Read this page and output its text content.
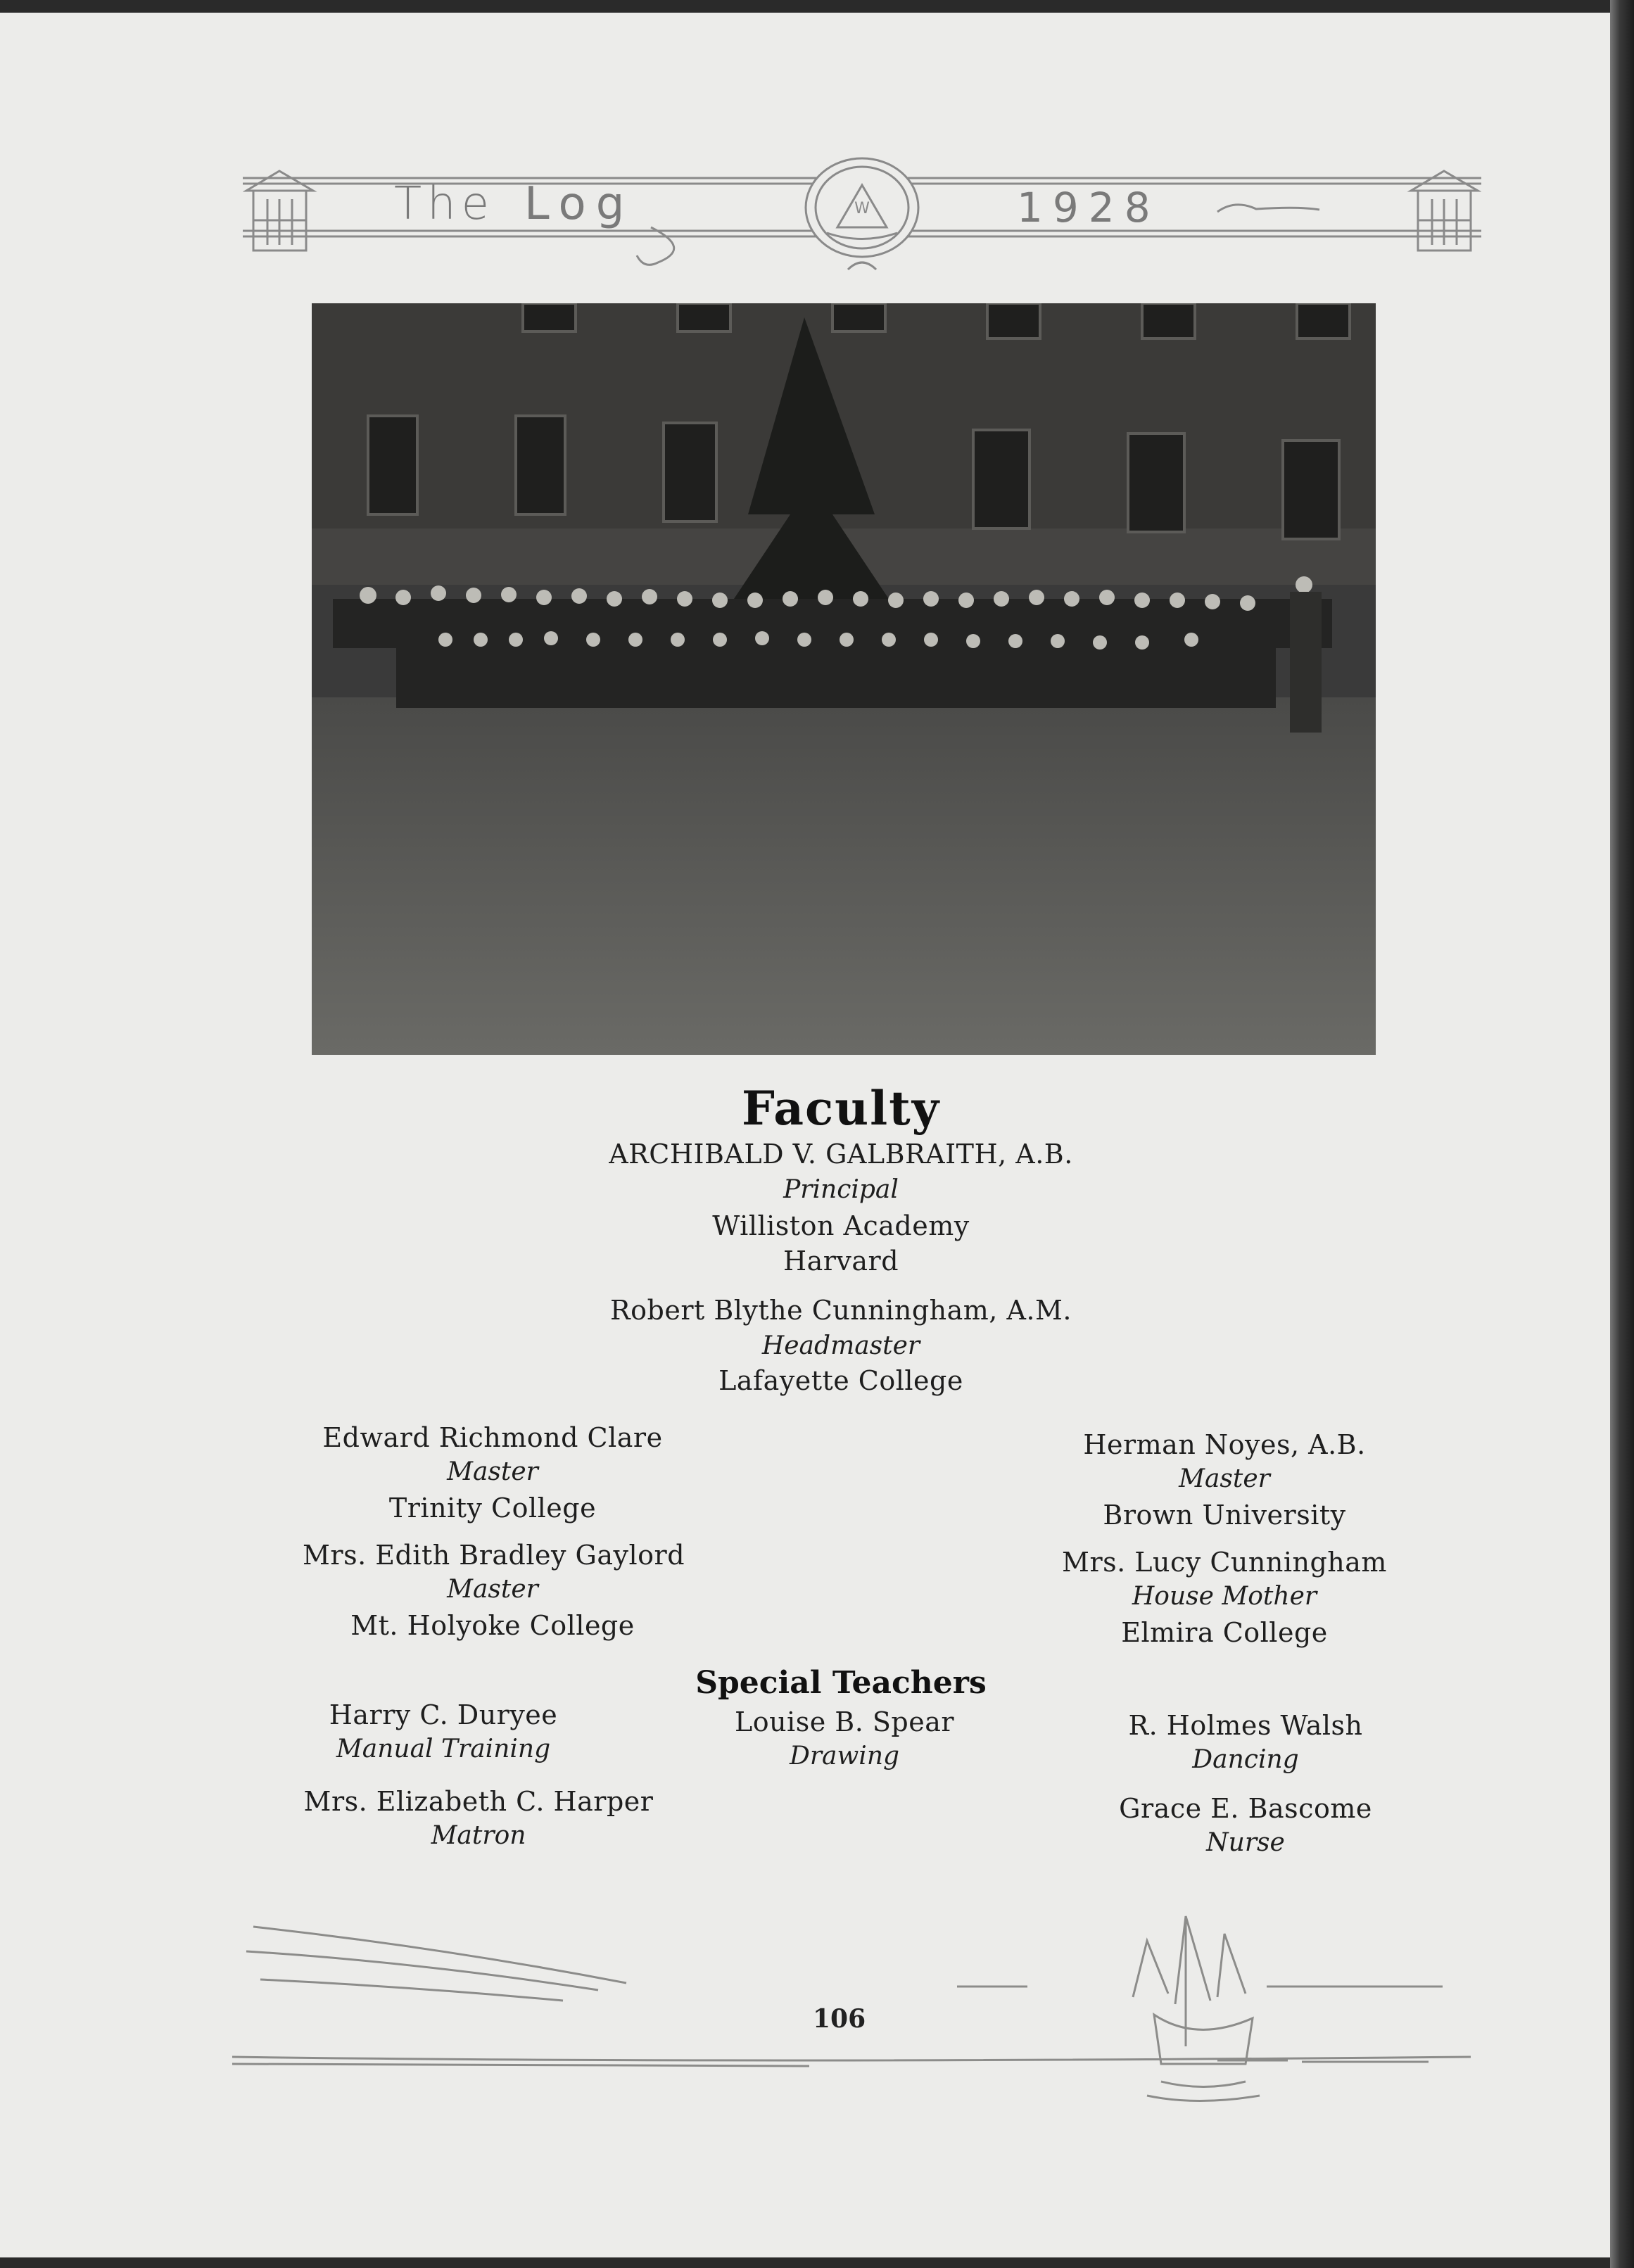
W
The Log	1928
Faculty
ARCHIBALD V. GALBRAITH, A.B.
Principal
Williston Academy
Harvard
Robert Blythe Cunningham, A.M.
Headmaster
Lafayette College
Edward Richmond Clare
Master
Trinity College
Mrs. Edith Bradley Gaylord
Master
Mt. Holyoke College
Herman Noyes, A.B.
Master
Brown University
Mrs. Lucy Cunningham
House Mother
Elmira College
Special Teachers
Harry C. Duryee
Manual Training
Mrs. Elizabeth C. Harper
Matron
Louise B. Spear
Drawing
R. Holmes Walsh
Dancing
Grace E. Bascome
Nurse
106
